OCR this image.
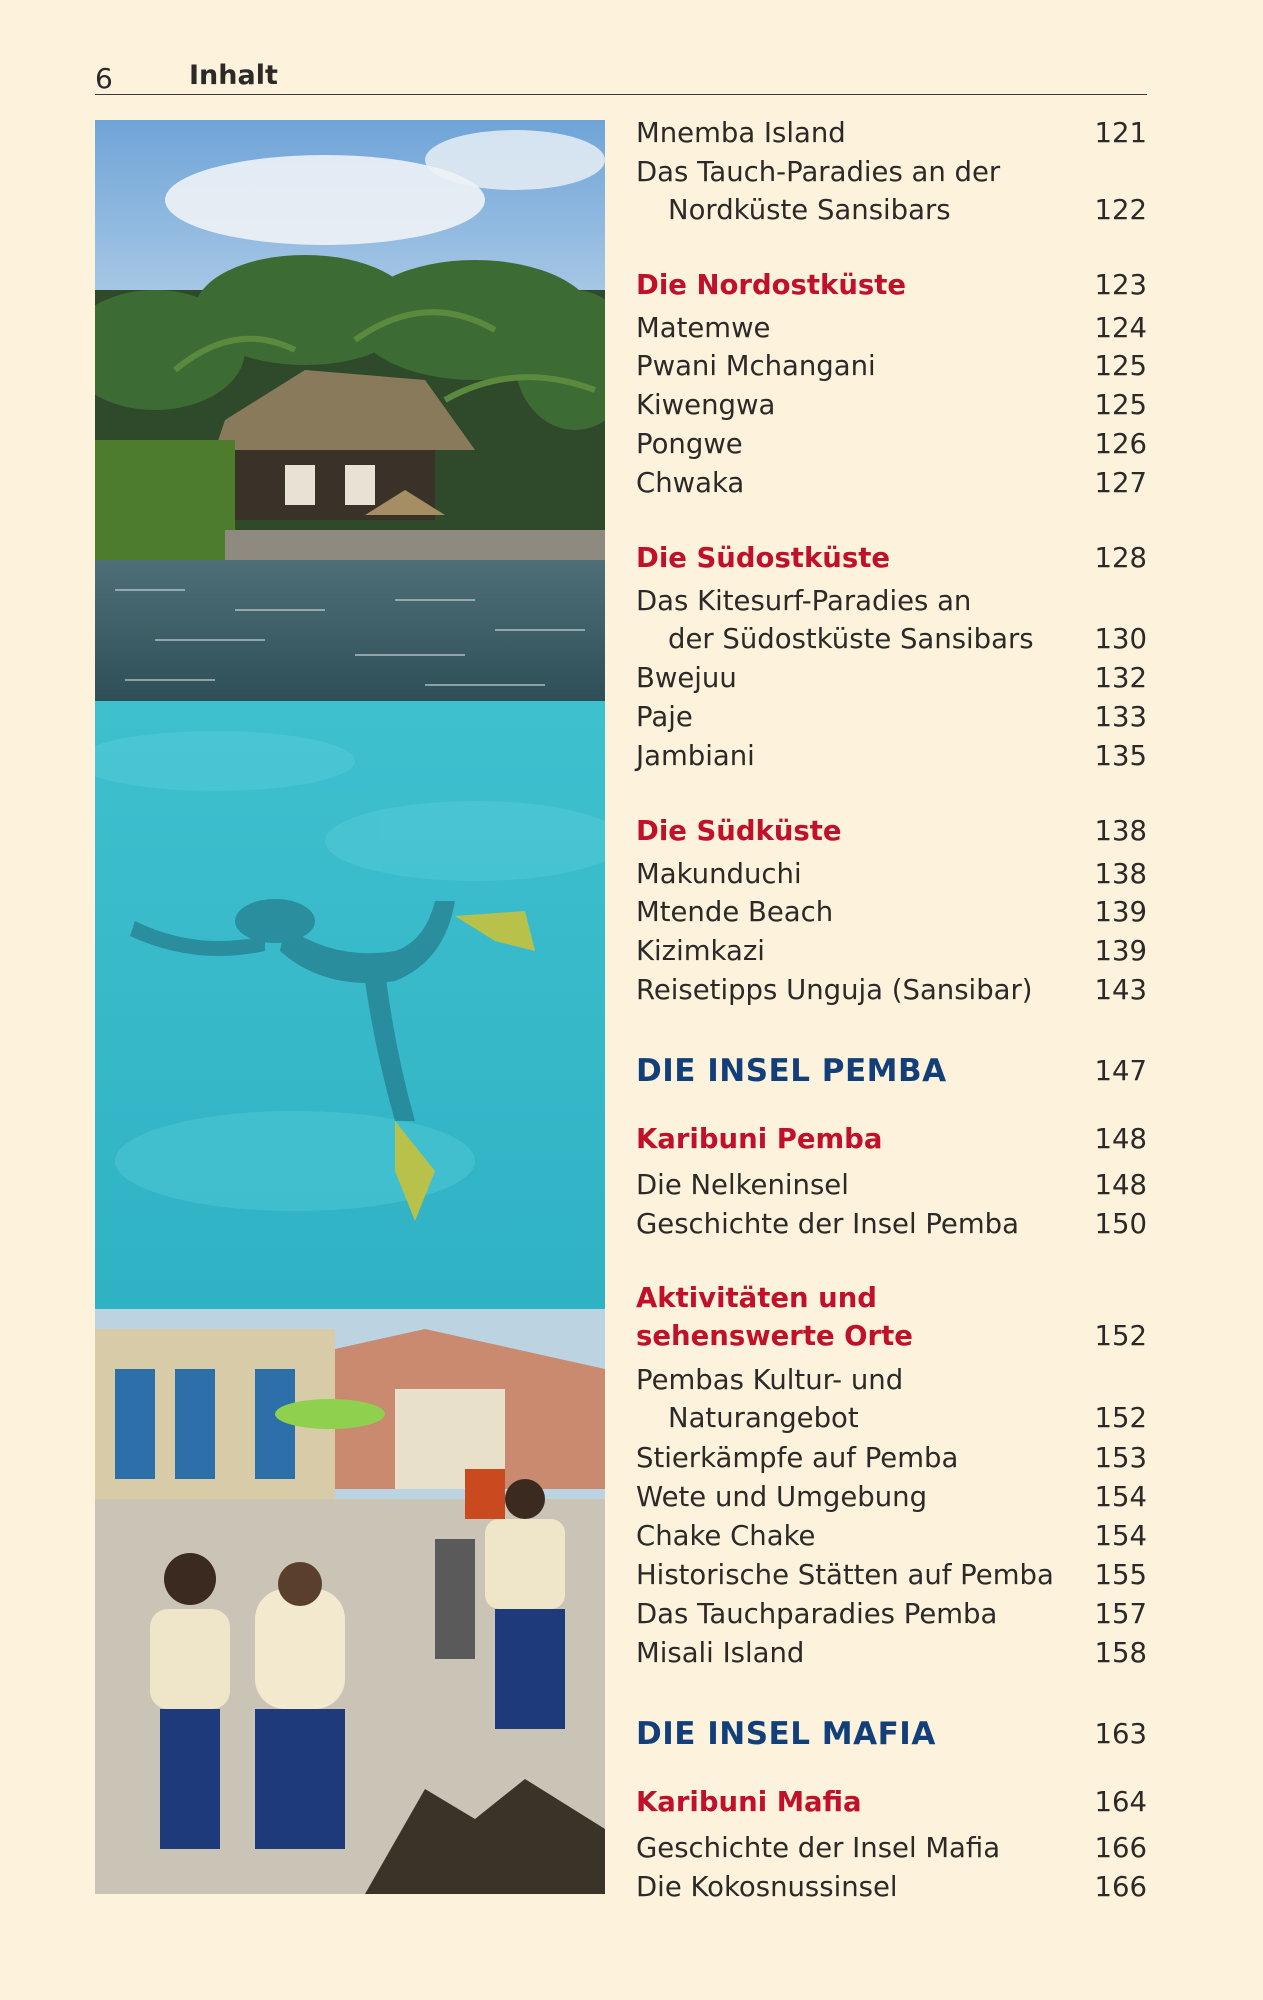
6	Inhalt
Mnemba Island	121
Das Tauch-Paradies an der
Nordküste Sansibars	122
Die Nordostküste	123
Matemwe	124
Pwani Mchangani	125
Kiwengwa	125
Pongwe	126
Chwaka	127
Die Südostküste	128
Das Kitesurf-Paradies an
der Südostküste Sansibars 130
Bwejuu	132
Paje	133
Jambiani	135
Die Südküste	138
Makunduchi	138
Mtende Beach	139
Kizimkazi	139
Reisetipps Unguja (Sansibar) 143
DIE INSEL PEMBA	147
Karibuni Pemba	148
Die Nelkeninsel	148
Geschichte der Insel Pemba	150
Aktivitäten und
sehenswerte Orte	152
Pembas Kultur- und
Naturangebot	152
Stierkämpfe auf Pemba	153
Wete und Umgebung	154
Chake Chake	154
Historische Stätten auf Pemba 155
Das Tauchparadies Pemba	157
Misali Island	158
DIE INSEL MAFIA	163
Karibuni Mafia	164
Geschichte der Insel Mafia	166
Die Kokosnussinsel	166
